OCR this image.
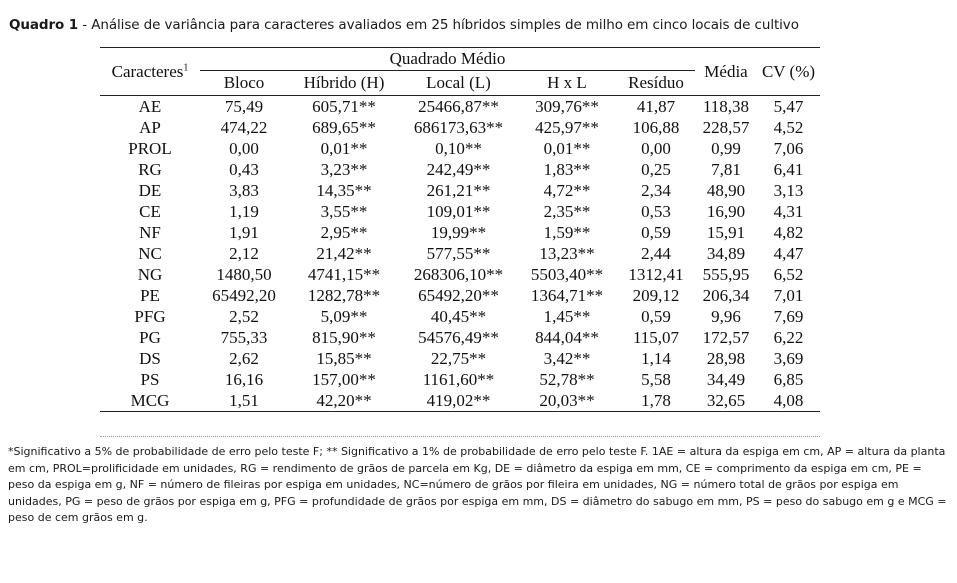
Quadro 1 - Análise de variância para caracteres avaliados em 25 híbridos simples de milho em cinco locais de cultivo
Caracteres$^1$	Quadrado Médio					Média	CV (%)
	Bloco	Híbrido (H)	Local (L)	H x L	Resíduo		
AE	75,49	605,71**	25466,87**	309,76**	41,87	118,38	5,47
AP	474,22	689,65**	686173,63**	425,97**	106,88	228,57	4,52
PROL	0,00	0,01**	0,10**	0,01**	0,00	0,99	7,06
RG	0,43	3,23**	242,49**	1,83**	0,25	7,81	6,41
DE	3,83	14,35**	261,21**	4,72**	2,34	48,90	3,13
CE	1,19	3,55**	109,01**	2,35**	0,53	16,90	4,31
NF	1,91	2,95**	19,99**	1,59**	0,59	15,91	4,82
NC	2,12	21,42**	577,55**	13,23**	2,44	34,89	4,47
NG	1480,50	4741,15**	268306,10**	5503,40**	1312,41	555,95	6,52
PE	65492,20	1282,78**	65492,20**	1364,71**	209,12	206,34	7,01
PFG	2,52	5,09**	40,45**	1,45**	0,59	9,96	7,69
PG	755,33	815,90**	54576,49**	844,04**	115,07	172,57	6,22
DS	2,62	15,85**	22,75**	3,42**	1,14	28,98	3,69
PS	16,16	157,00**	1161,60**	52,78**	5,58	34,49	6,85
MCG	1,51	42,20**	419,02**	20,03**	1,78	32,65	4,08

*Significativo a 5% de probabilidade de erro pelo teste F; ** Significativo a 1% de probabilidade de erro pelo teste F. 1AE = altura da espiga em cm, AP = altura da planta em cm, PROL=prolificidade em unidades, RG = rendimento de grãos de parcela em Kg, DE = diâmetro da espiga em mm, CE = comprimento da espiga em cm, PE = peso da espiga em g, NF = número de fileiras por espiga em unidades, NC=número de grãos por fileira em unidades, NG = número total de grãos por espiga em unidades, PG = peso de grãos por espiga em g, PFG = profundidade de grãos por espiga em mm, DS = diâmetro do sabugo em mm, PS = peso do sabugo em g e MCG = peso de cem grãos em g.
